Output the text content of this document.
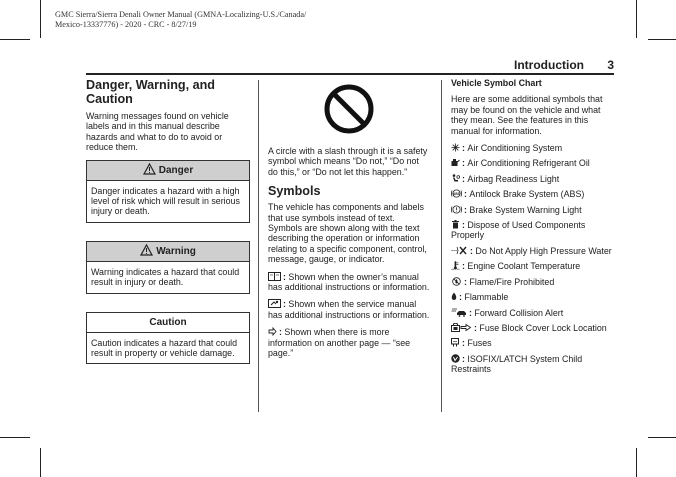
GMC Sierra/Sierra Denali Owner Manual (GMNA-Localizing-U.S./Canada/
Mexico-13337776) - 2020 - CRC - 8/27/19
Introduction 3
Danger, Warning, and Caution

Warning messages found on vehicle labels and in this manual describe hazards and what to do to avoid or reduce them.

Danger
Danger indicates a hazard with a high level of risk which will result in serious injury or death.
Warning
Warning indicates a hazard that could result in injury or death.
Caution
Caution indicates a hazard that could result in property or vehicle damage.

A circle with a slash through it is a safety symbol which means “Do not,” “Do not do this,” or “Do not let this happen.”

Symbols

The vehicle has components and labels that use symbols instead of text. Symbols are shown along with the text describing the operation or information relating to a specific component, control, message, gauge, or indicator.

: Shown when the owner’s manual has additional instructions or information.

: Shown when the service manual has additional instructions or information.

: Shown when there is more information on another page — “see page.”

Vehicle Symbol Chart

Here are some additional symbols that may be found on the vehicle and what they mean. See the features in this manual for information.

: Air Conditioning System
: Air Conditioning Refrigerant Oil
: Airbag Readiness Light
ABS : Antilock Brake System (ABS)
: Brake System Warning Light
: Dispose of Used Components Properly
: Do Not Apply High Pressure Water
: Engine Coolant Temperature
: Flame/Fire Prohibited
: Flammable
: Forward Collision Alert
: Fuse Block Cover Lock Location
: Fuses
: ISOFIX/LATCH System Child Restraints
